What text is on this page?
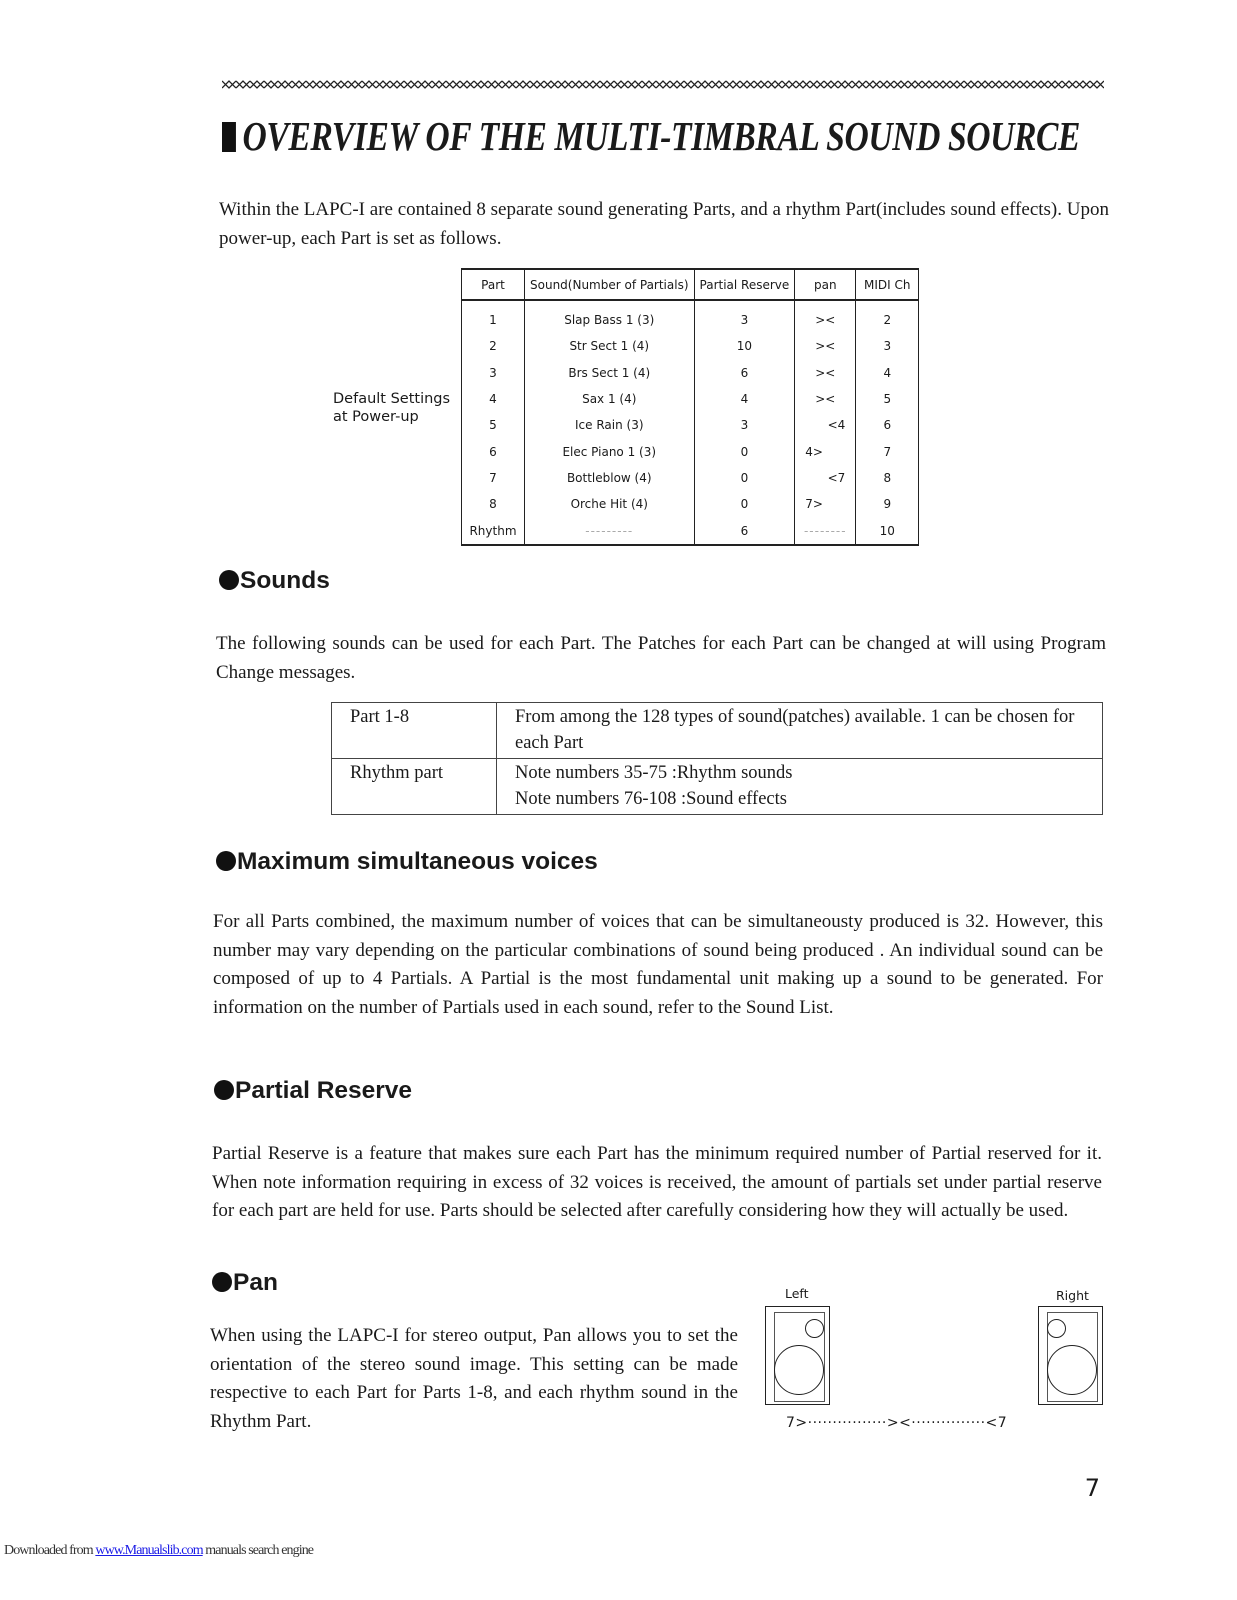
OVERVIEW OF THE MULTI-TIMBRAL SOUND SOURCE

Within the LAPC-I are contained 8 separate sound generating Parts, and a rhythm Part(includes sound effects). Upon power-up, each Part is set as follows.

Default Settings
at Power-up
Part	Sound(Number of Partials)	Partial Reserve	pan	MIDI Ch
1	Slap Bass 1 (3)	3	><	2
2	Str Sect 1 (4)	10	><	3
3	Brs Sect 1 (4)	6	><	4
4	Sax 1 (4)	4	><	5
5	Ice Rain (3)	3	<4	6
6	Elec Piano 1 (3)	0	4>	7
7	Bottleblow (4)	0	<7	8
8	Orche Hit (4)	0	7>	9
Rhythm	---------	6	--------	10
Sounds

The following sounds can be used for each Part. The Patches for each Part can be changed at will using Program Change messages.

Part 1-8	From among the 128 types of sound(patches) available. 1 can be chosen for each Part

Rhythm part	Note numbers 35-75 :Rhythm sounds
Note numbers 76-108 :Sound effects
Maximum simultaneous voices

For all Parts combined, the maximum number of voices that can be simultaneousty produced is 32. However, this number may vary depending on the particular combinations of sound being produced . An individual sound can be composed of up to 4 Partials. A Partial is the most fundamental unit making up a sound to be generated. For information on the number of Partials used in each sound, refer to the Sound List.

Partial Reserve

Partial Reserve is a feature that makes sure each Part has the minimum required number of Partial reserved for it. When note information requiring in excess of 32 voices is received, the amount of partials set under partial reserve for each part are held for use. Parts should be selected after carefully considering how they will actually be used.

Pan

When using the LAPC-I for stereo output, Pan allows you to set the orientation of the stereo sound image. This setting can be made respective to each Part for Parts 1-8, and each rhythm sound in the Rhythm Part.

Left	Right
7>················><···············<7
7
Downloaded from www.Manualslib.com manuals search engine
